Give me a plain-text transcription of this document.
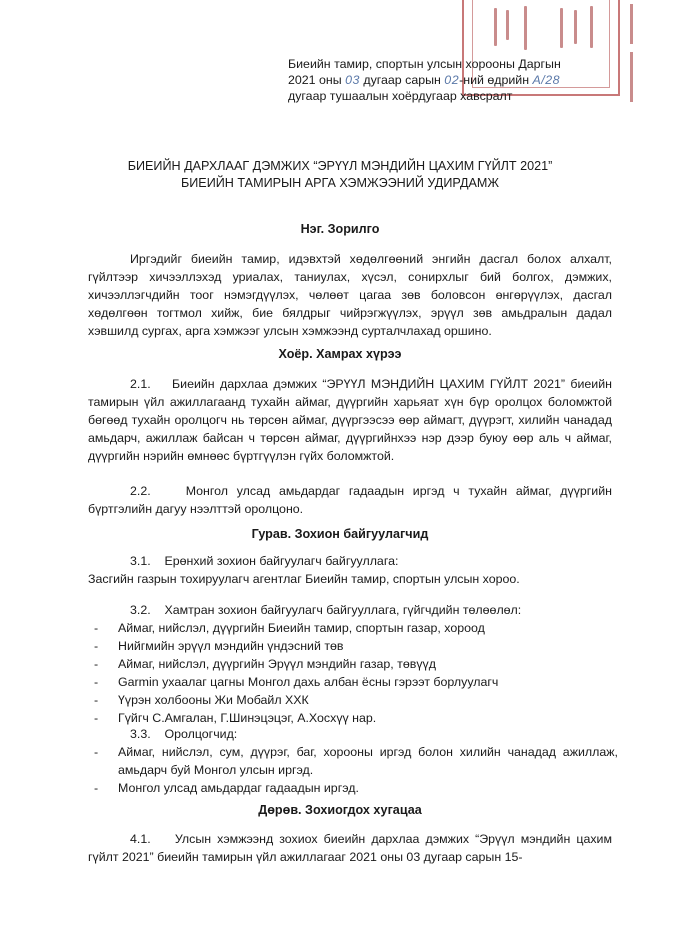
Биеийн тамир, спортын улсын хорооны Даргын
2021 оны 03 дугаар сарын 02-ний өдрийн А/28
дугаар тушаалын хоёрдугаар хавсралт
БИЕИЙН ДАРХЛААГ ДЭМЖИХ “ЭРҮҮЛ МЭНДИЙН ЦАХИМ ГҮЙЛТ 2021”
БИЕИЙН ТАМИРЫН АРГА ХЭМЖЭЭНИЙ УДИРДАМЖ
Нэг. Зорилго
Иргэдийг биеийн тамир, идэвхтэй хөдөлгөөний энгийн дасгал болох алхалт, гүйлтээр хичээллэхэд уриалах, таниулах, хүсэл, сонирхлыг бий болгох, дэмжих, хичээллэгчдийн тоог нэмэгдүүлэх, чөлөөт цагаа зөв боловсон өнгөрүүлэх, дасгал хөдөлгөөн тогтмол хийж, бие бялдрыг чийрэгжүүлэх, эрүүл зөв амьдралын дадал хэвшилд сургах, арга хэмжээг улсын хэмжээнд сурталчлахад оршино.
Хоёр. Хамрах хүрээ
2.1. Биеийн дархлаа дэмжих “ЭРҮҮЛ МЭНДИЙН ЦАХИМ ГҮЙЛТ 2021” биеийн тамирын үйл ажиллагаанд тухайн аймаг, дүүргийн харьяат хүн бүр оролцох боломжтой бөгөөд тухайн оролцогч нь төрсөн аймаг, дүүргээсээ өөр аймагт, дүүрэгт, хилийн чанадад амьдарч, ажиллаж байсан ч төрсөн аймаг, дүүргийнхээ нэр дээр буюу өөр аль ч аймаг, дүүргийн нэрийн өмнөөс бүртгүүлэн гүйх боломжтой.
2.2.	Монгол улсад амьдардаг гадаадын иргэд ч тухайн аймаг, дүүргийн бүртгэлийн дагуу нээлттэй оролцоно.
Гурав. Зохион байгуулагчид
3.1. Ерөнхий зохион байгуулагч байгууллага:
Засгийн газрын тохируулагч агентлаг Биеийн тамир, спортын улсын хороо.
3.2. Хамтран зохион байгуулагч байгууллага, гүйгчдийн төлөөлөл:
- Аймаг, нийслэл, дүүргийн Биеийн тамир, спортын газар, хороод
- Нийгмийн эрүүл мэндийн үндэсний төв
- Аймаг, нийслэл, дүүргийн Эрүүл мэндийн газар, төвүүд
- Garmin ухаалаг цагны Монгол дахь албан ёсны гэрээт борлуулагч
- Үүрэн холбооны Жи Мобайл ХХК
- Гүйгч С.Амгалан, Г.Шинэцэцэг, А.Хосхүү нар.
3.3. Оролцогчид:
- Аймаг, нийслэл, сум, дүүрэг, баг, хорооны иргэд болон хилийн чанадад ажиллаж, амьдарч буй Монгол улсын иргэд.
- Монгол улсад амьдардаг гадаадын иргэд.
Дөрөв. Зохиогдох хугацаа
4.1. Улсын хэмжээнд зохиох биеийн дархлаа дэмжих “Эрүүл мэндийн цахим гүйлт 2021” биеийн тамирын үйл ажиллагааг 2021 оны 03 дугаар сарын 15-
